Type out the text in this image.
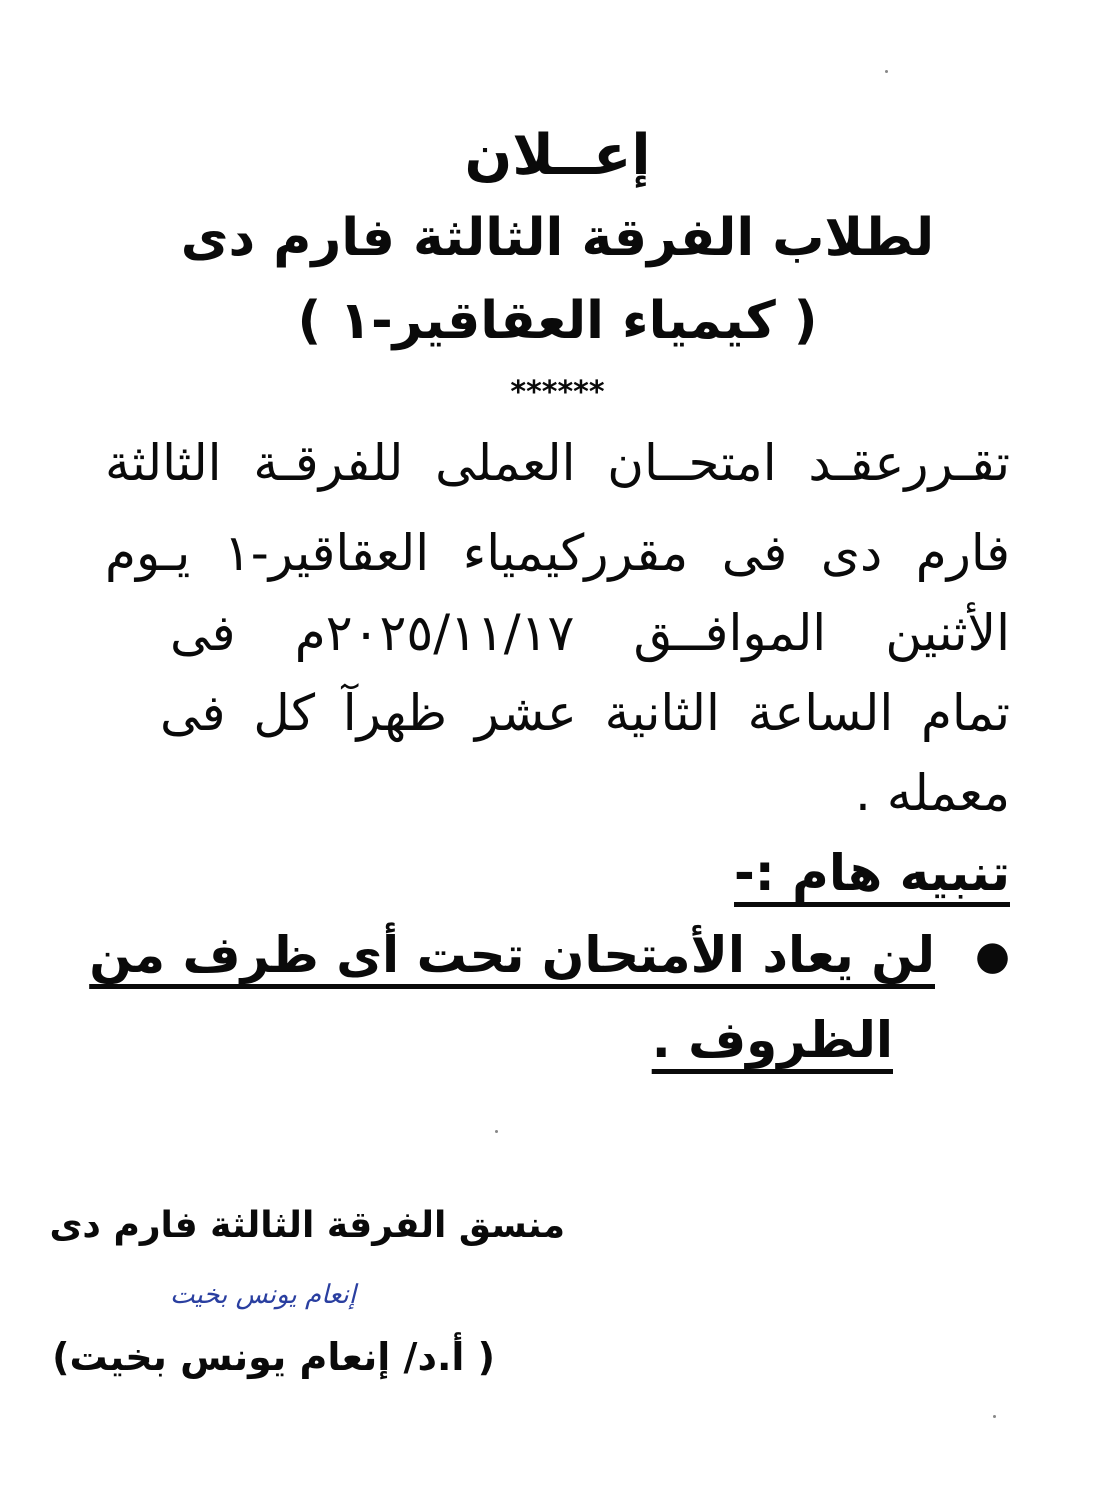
إعــلان
لطلاب الفرقة الثالثة فارم دى
( كيمياء العقاقير-١ )
******
تقـررعقـد امتحــان العملى للفرقـة الثالثة
فارم دى فى مقرركيمياء العقاقير-١ يـوم
الأثنين الموافــق ٢٠٢٥/١١/١٧م فى
تمام الساعة الثانية عشر ظهرآ كل فى
معمله .
تنبيه هام :-
●
لن يعاد الأمتحان تحت أى ظرف من
الظروف .
منسق الفرقة الثالثة فارم دى
إنعام يونس بخيت
( أ.د/ إنعام يونس بخيت)
